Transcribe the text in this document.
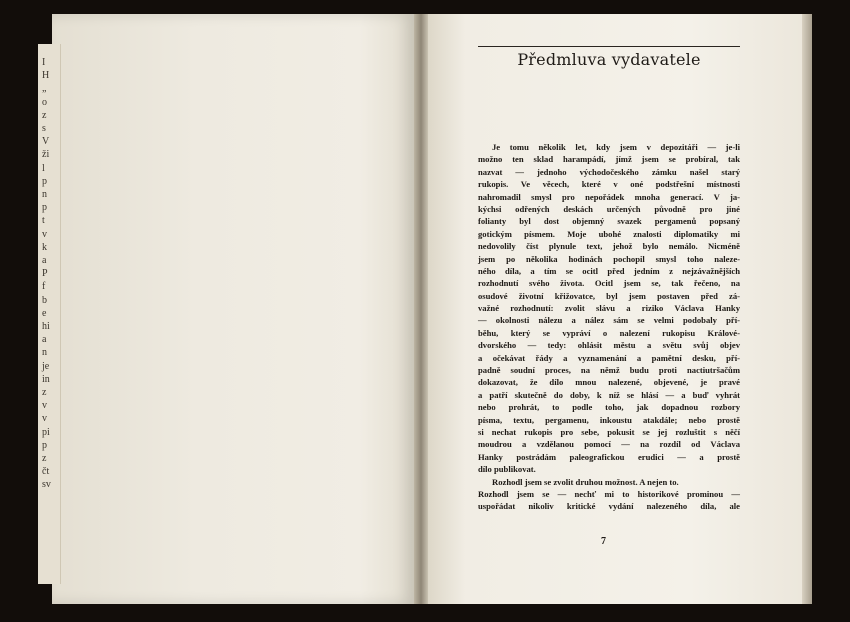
I
H
„
o
z
s
V
ži
l
p
n
p
t
v
k
a
P
f
b
e
hi
a
n
je
in
z
v
v
pi
p
z
čt
sv
Předmluva vydavatele
Je tomu několik let, kdy jsem v depozitáři — je-li
možno ten sklad harampádí, jímž jsem se probíral, tak
nazvat — jednoho východočeského zámku našel starý
rukopis. Ve věcech, které v oné podstřešní místnosti
nahromadil smysl pro nepořádek mnoha generací. V ja-
kýchsi odřených deskách určených původně pro jiné
folianty byl dost objemný svazek pergamenů popsaný
gotickým písmem. Moje ubohé znalosti diplomatiky mi
nedovolily číst plynule text, jehož bylo nemálo. Nicméně
jsem po několika hodinách pochopil smysl toho naleze-
ného díla, a tím se ocitl před jedním z nejzávažnějších
rozhodnutí svého života. Ocitl jsem se, tak řečeno, na
osudové životní křižovatce, byl jsem postaven před zá-
važné rozhodnutí: zvolit slávu a riziko Václava Hanky
— okolnosti nálezu a nález sám se velmi podobaly pří-
běhu, který se vypráví o nalezení rukopisu Králové-
dvorského — tedy: ohlásit městu a světu svůj objev
a očekávat řády a vyznamenání a pamětní desku, pří-
padně soudní proces, na němž budu proti nactiutršačům
dokazovat, že dílo mnou nalezené, objevené, je pravé
a patří skutečně do doby, k níž se hlásí — a buď vyhrát
nebo prohrát, to podle toho, jak dopadnou rozbory
písma, textu, pergamenu, inkoustu atakdále; nebo prostě
si nechat rukopis pro sebe, pokusit se jej rozluštit s něčí
moudrou a vzdělanou pomocí — na rozdíl od Václava
Hanky postrádám paleografickou erudici — a prostě
dílo publikovat.
Rozhodl jsem se zvolit druhou možnost. A nejen to.
Rozhodl jsem se — nechť mi to historikové prominou —
uspořádat nikoliv kritické vydání nalezeného díla, ale
7
